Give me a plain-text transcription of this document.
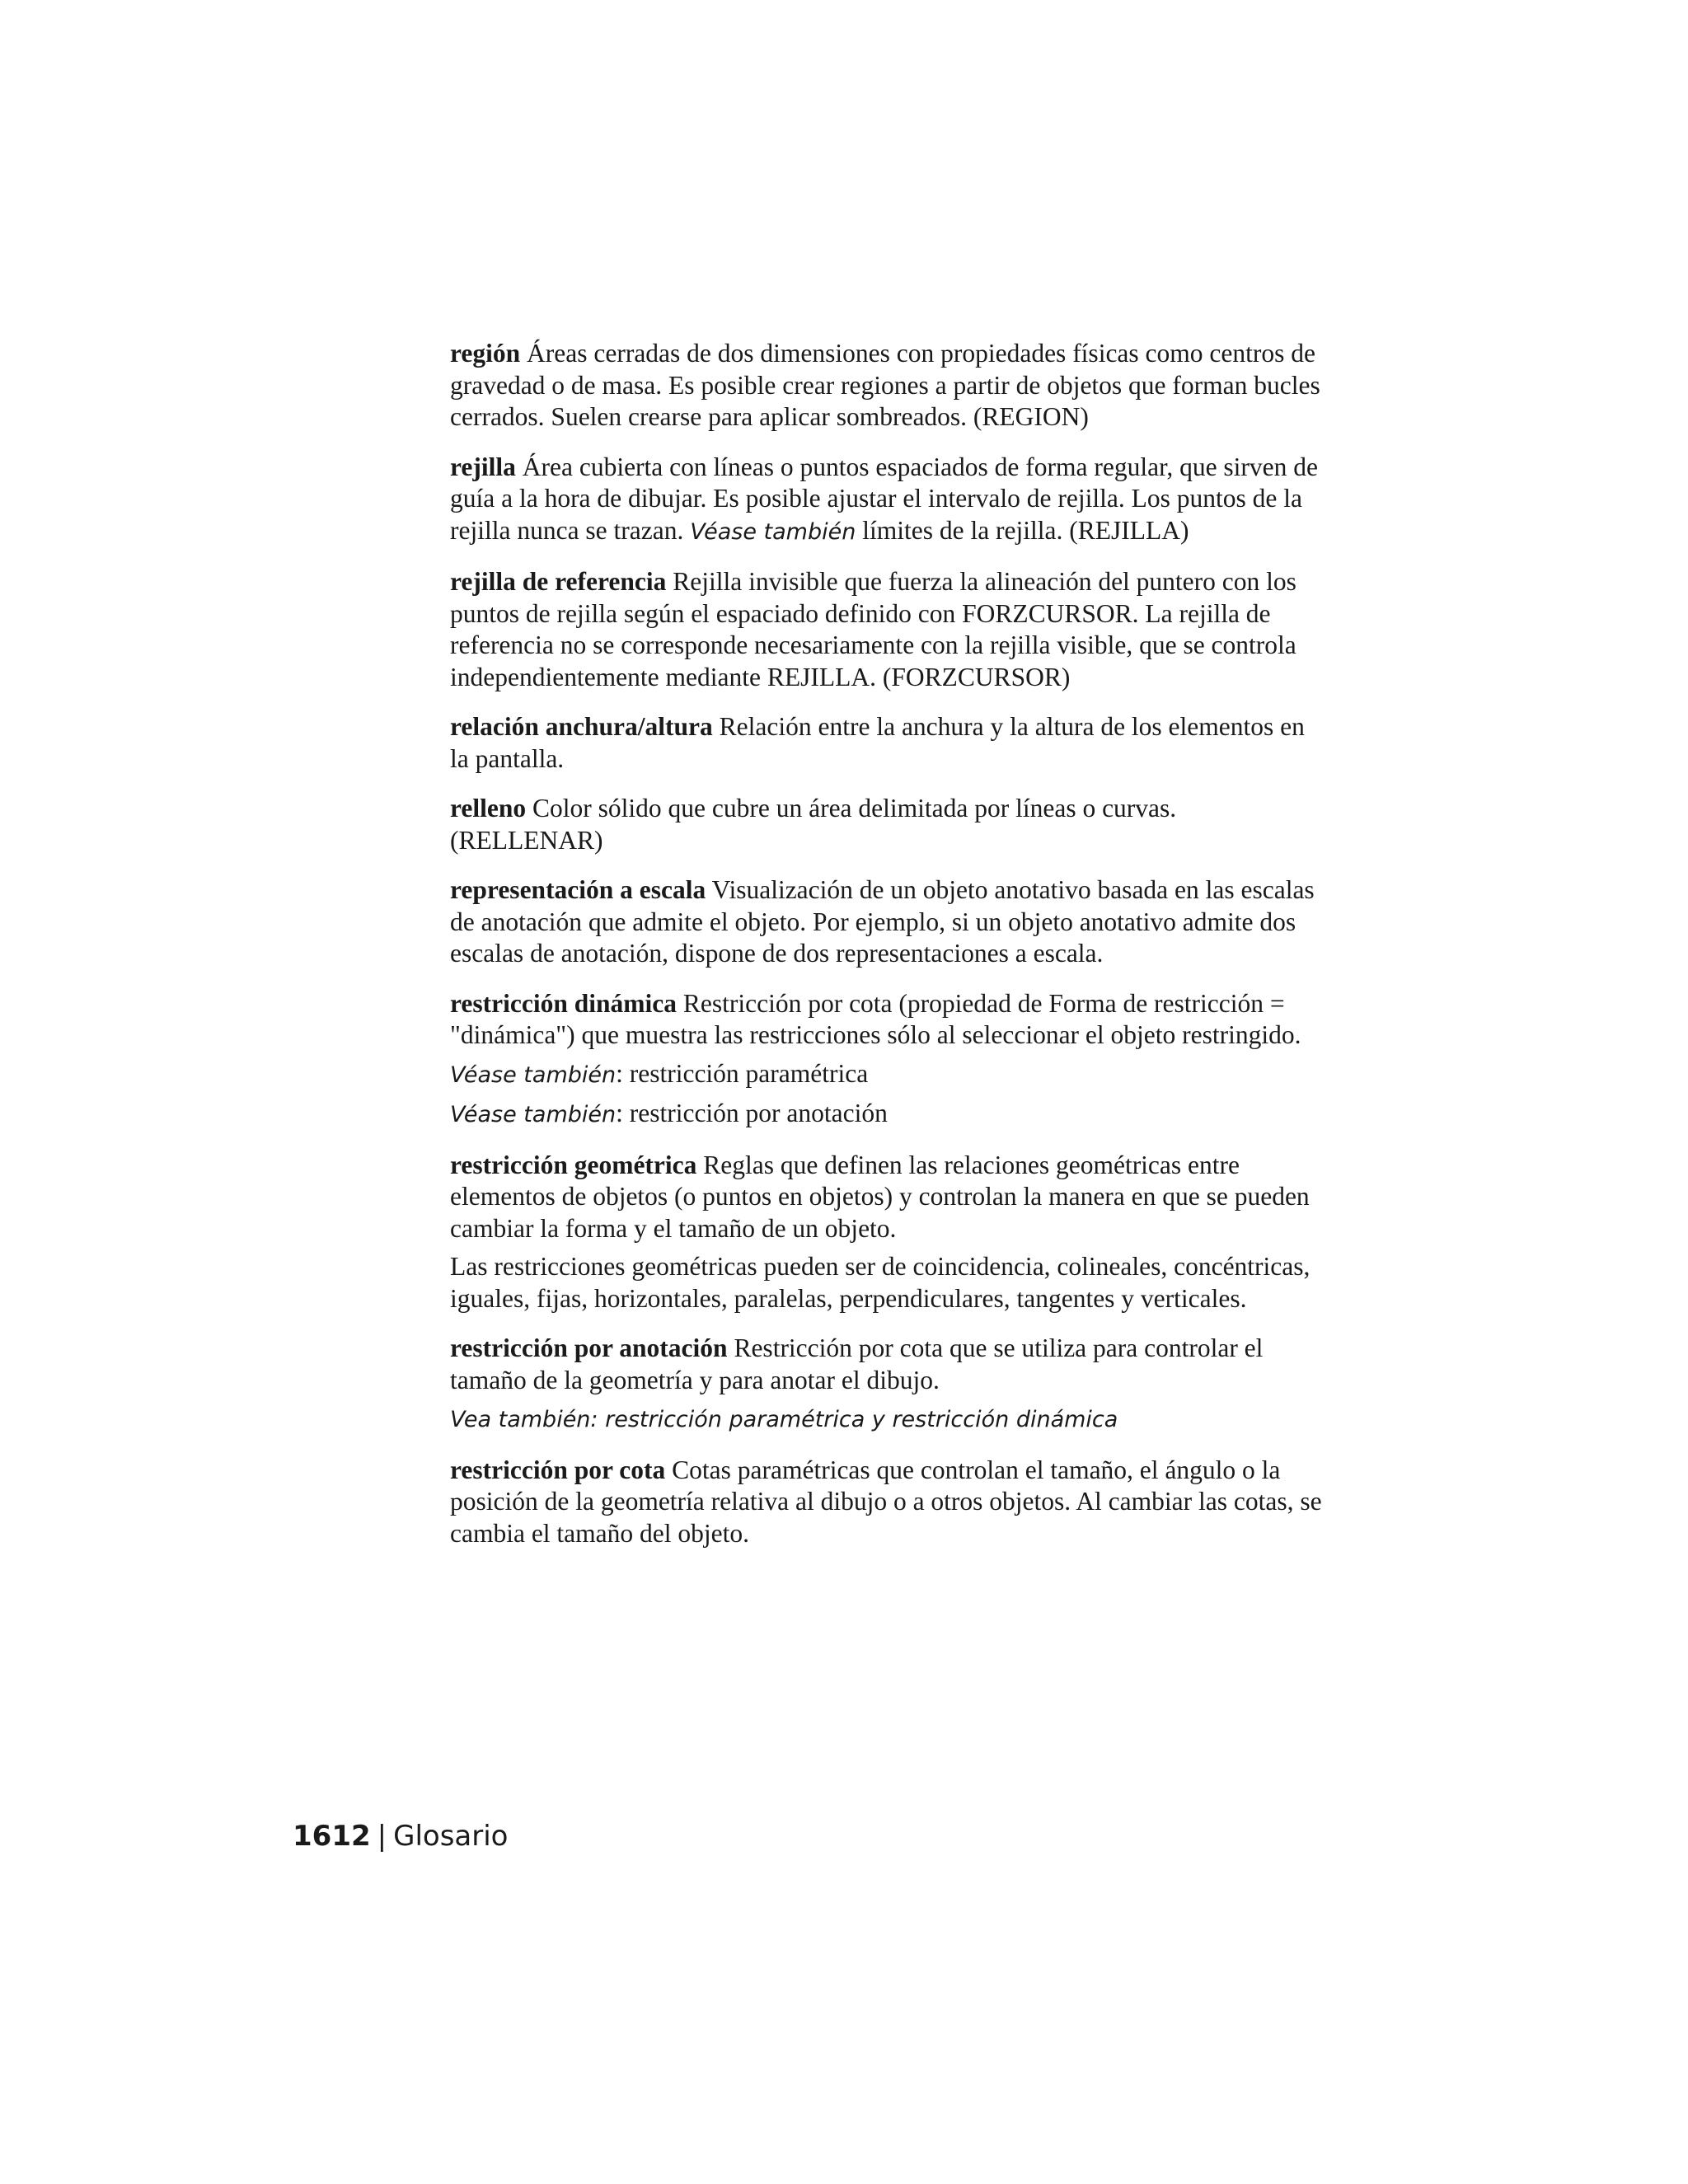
región Áreas cerradas de dos dimensiones con propiedades físicas como centros de gravedad o de masa. Es posible crear regiones a partir de objetos que forman bucles cerrados. Suelen crearse para aplicar sombreados. (REGION)

rejilla Área cubierta con líneas o puntos espaciados de forma regular, que sirven de guía a la hora de dibujar. Es posible ajustar el intervalo de rejilla. Los puntos de la rejilla nunca se trazan. Véase también límites de la rejilla. (REJILLA)

rejilla de referencia Rejilla invisible que fuerza la alineación del puntero con los puntos de rejilla según el espaciado definido con FORZCURSOR. La rejilla de referencia no se corresponde necesariamente con la rejilla visible, que se controla independientemente mediante REJILLA. (FORZCURSOR)

relación anchura/altura Relación entre la anchura y la altura de los elementos en la pantalla.

relleno Color sólido que cubre un área delimitada por líneas o curvas. (RELLENAR)

representación a escala Visualización de un objeto anotativo basada en las escalas de anotación que admite el objeto. Por ejemplo, si un objeto anotativo admite dos escalas de anotación, dispone de dos representaciones a escala.

restricción dinámica Restricción por cota (propiedad de Forma de restricción = "dinámica") que muestra las restricciones sólo al seleccionar el objeto restringido.

Véase también: restricción paramétrica

Véase también: restricción por anotación

restricción geométrica Reglas que definen las relaciones geométricas entre elementos de objetos (o puntos en objetos) y controlan la manera en que se pueden cambiar la forma y el tamaño de un objeto.

Las restricciones geométricas pueden ser de coincidencia, colineales, concéntricas, iguales, fijas, horizontales, paralelas, perpendiculares, tangentes y verticales.

restricción por anotación Restricción por cota que se utiliza para controlar el tamaño de la geometría y para anotar el dibujo.

Vea también: restricción paramétrica y restricción dinámica

restricción por cota Cotas paramétricas que controlan el tamaño, el ángulo o la posición de la geometría relativa al dibujo o a otros objetos. Al cambiar las cotas, se cambia el tamaño del objeto.

1612 | Glosario
